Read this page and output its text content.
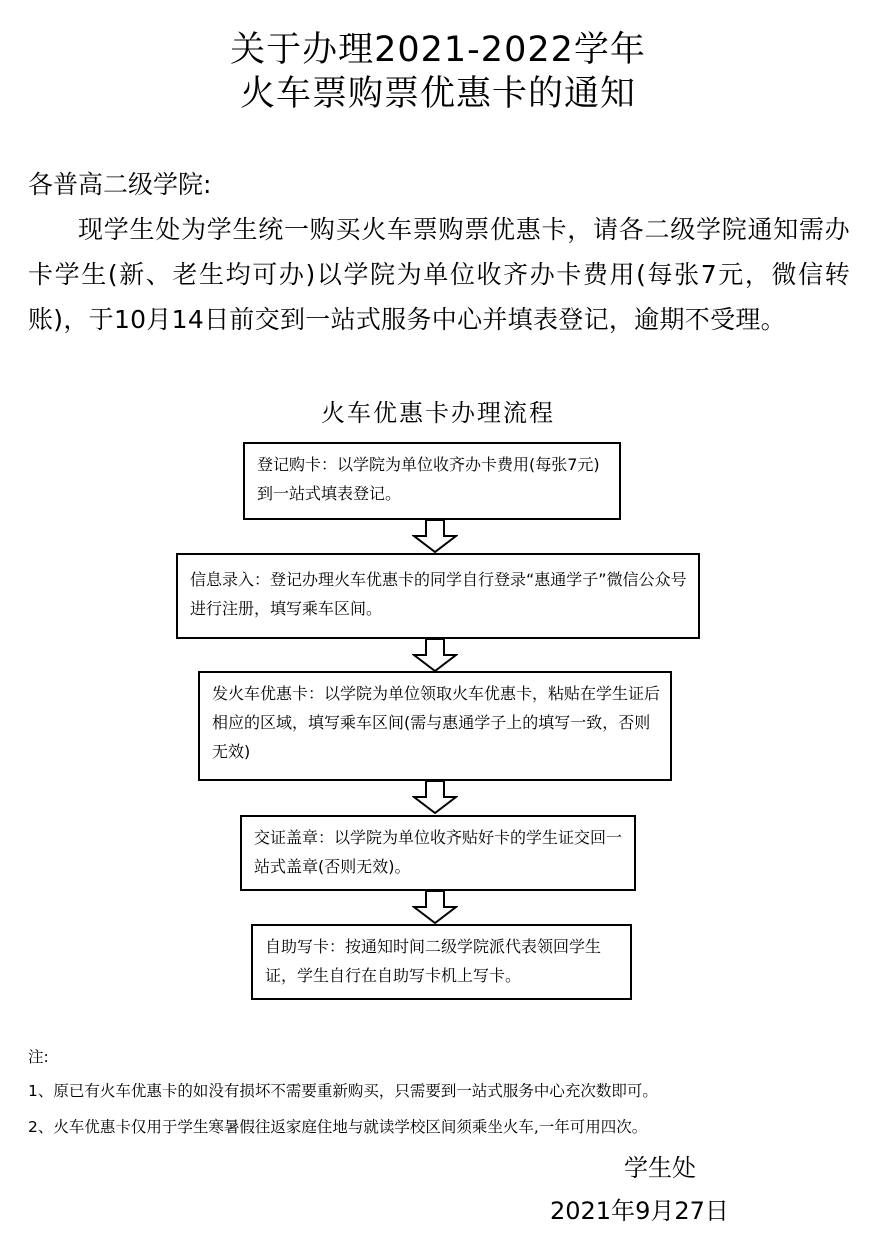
关于办理2021-2022学年
火车票购票优惠卡的通知
各普高二级学院:
现学生处为学生统一购买火车票购票优惠卡，请各二级学院通知需办卡学生(新、老生均可办)以学院为单位收齐办卡费用(每张7元，微信转账)，于10月14日前交到一站式服务中心并填表登记，逾期不受理。
火车优惠卡办理流程
登记购卡：以学院为单位收齐办卡费用(每张7元)到一站式填表登记。
信息录入：登记办理火车优惠卡的同学自行登录“惠通学子”微信公众号进行注册，填写乘车区间。
发火车优惠卡：以学院为单位领取火车优惠卡，粘贴在学生证后相应的区域，填写乘车区间(需与惠通学子上的填写一致，否则无效)
交证盖章：以学院为单位收齐贴好卡的学生证交回一站式盖章(否则无效)。
自助写卡：按通知时间二级学院派代表领回学生证，学生自行在自助写卡机上写卡。
注:
1、原已有火车优惠卡的如没有损坏不需要重新购买，只需要到一站式服务中心充次数即可。
2、火车优惠卡仅用于学生寒暑假往返家庭住地与就读学校区间须乘坐火车,一年可用四次。
学生处
2021年9月27日
